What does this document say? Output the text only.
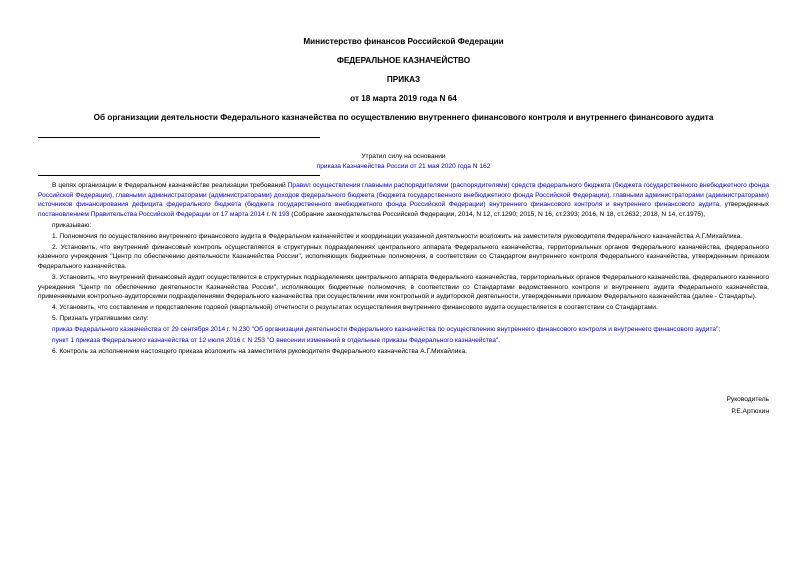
Министерство финансов Российской Федерации
ФЕДЕРАЛЬНОЕ КАЗНАЧЕЙСТВО
ПРИКАЗ
от 18 марта 2019 года N 64
Об организации деятельности Федерального казначейства по осуществлению внутреннего финансового контроля и внутреннего финансового аудита
Утратил силу на основании
приказа Казначейства России от 21 мая 2020 года N 162

В целях организации в Федеральном казначействе реализации требований Правил осуществления главными распорядителями (распорядителями) средств федерального бюджета (бюджета государственного внебюджетного фонда Российской Федерации), главными администраторами (администраторами) доходов федерального бюджета (бюджета государственного внебюджетного фонда Российской Федерации), главными администраторами (администраторами) источников финансирования дефицита федерального бюджета (бюджета государственного внебюджетного фонда Российской Федерации) внутреннего финансового контроля и внутреннего финансового аудита, утвержденных постановлением Правительства Российской Федерации от 17 марта 2014 г. N 193 (Собрание законодательства Российской Федерации, 2014, N 12, ст.1290; 2015, N 16, ст.2393; 2016, N 18, ст.2632; 2018, N 14, ст.1975),

приказываю:

1. Полномочия по осуществлению внутреннего финансового аудита в Федеральном казначействе и координации указанной деятельности возложить на заместителя руководителя Федерального казначейства А.Г.Михайлика.

2. Установить, что внутренний финансовый контроль осуществляется в структурных подразделениях центрального аппарата Федерального казначейства, территориальных органов Федерального казначейства, федерального казенного учреждения "Центр по обеспечению деятельности Казначейства России", исполняющих бюджетные полномочия, в соответствии со Стандартом внутреннего контроля Федерального казначейства, утвержденным приказом Федерального казначейства.

3. Установить, что внутренний финансовый аудит осуществляется в структурных подразделениях центрального аппарата Федерального казначейства, территориальных органов Федерального казначейства, федерального казенного учреждения "Центр по обеспечению деятельности Казначейства России", исполняющих бюджетные полномочия, в соответствии со Стандартами ведомственного контроля и внутреннего аудита Федерального казначейства, применяемыми контрольно-аудиторскими подразделениями Федерального казначейства при осуществлении ими контрольной и аудиторской деятельности, утвержденными приказом Федерального казначейства (далее - Стандарты).

4. Установить, что составление и представление годовой (квартальной) отчетности о результатах осуществления внутреннего финансового аудита осуществляется в соответствии со Стандартами.

5. Признать утратившими силу:

приказ Федерального казначейства от 29 сентября 2014 г. N 230 "Об организации деятельности Федерального казначейства по осуществлению внутреннего финансового контроля и внутреннего финансового аудита";

пункт 1 приказа Федерального казначейства от 12 июля 2016 г. N 253 "О внесении изменений в отдельные приказы Федерального казначейства".

6. Контроль за исполнением настоящего приказа возложить на заместителя руководителя Федерального казначейства А.Г.Михайлика.

Руководитель
Р.Е.Артюхин
